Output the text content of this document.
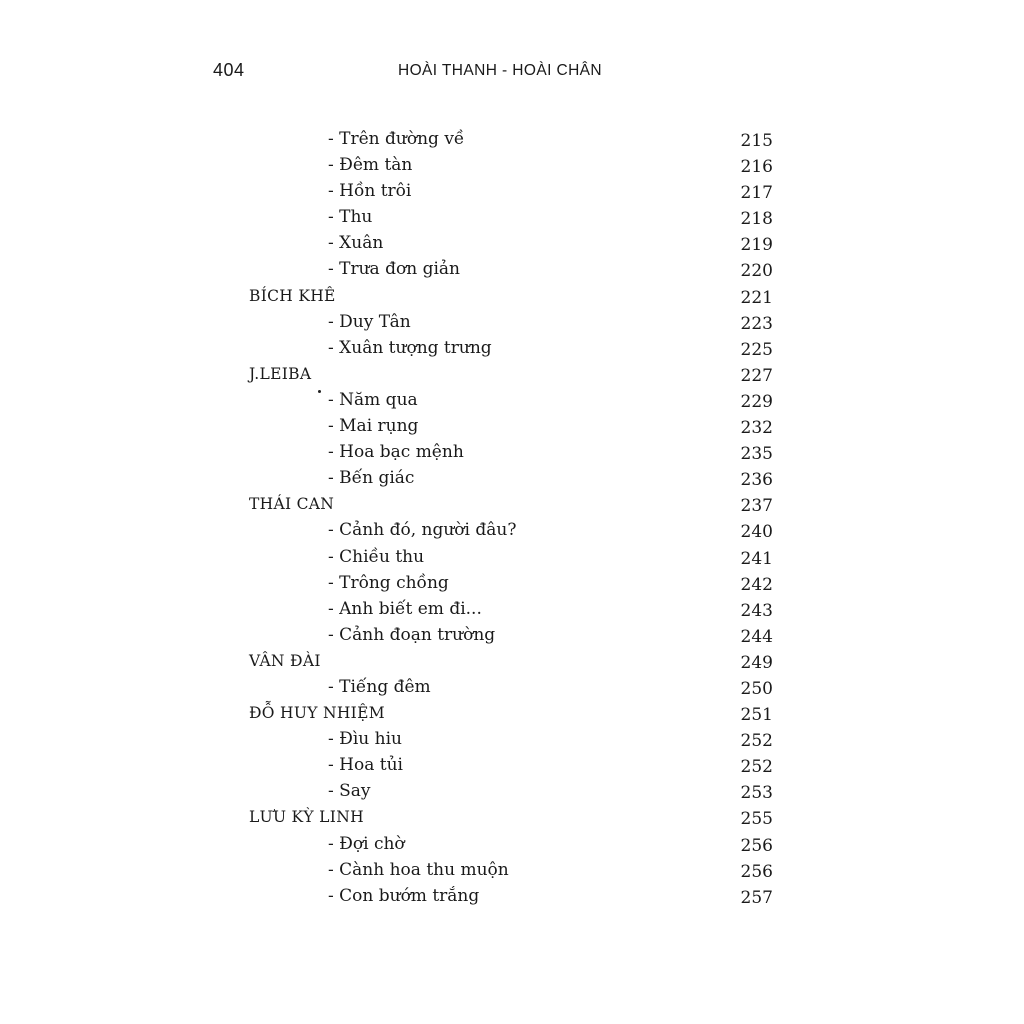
404	HOÀI THANH - HOÀI CHÂN
- Trên đường về	215
- Đêm tàn	216
- Hồn trôi	217
- Thu	218
- Xuân	219
- Trưa đơn giản	220
BÍCH KHÊ	221
- Duy Tân	223
- Xuân tượng trưng	225
J.LEIBA	227
- Năm qua	229
- Mai rụng	232
- Hoa bạc mệnh	235
- Bến giác	236
THÁI CAN	237
- Cảnh đó, người đâu?	240
- Chiều thu	241
- Trông chồng	242
- Anh biết em đi...	243
- Cảnh đoạn trường	244
VÂN ĐÀI	249
- Tiếng đêm	250
ĐỖ HUY NHIỆM	251
- Đìu hiu	252
- Hoa tủi	252
- Say	253
LƯU KỲ LINH	255
- Đợi chờ	256
- Cành hoa thu muộn	256
- Con bướm trắng	257
